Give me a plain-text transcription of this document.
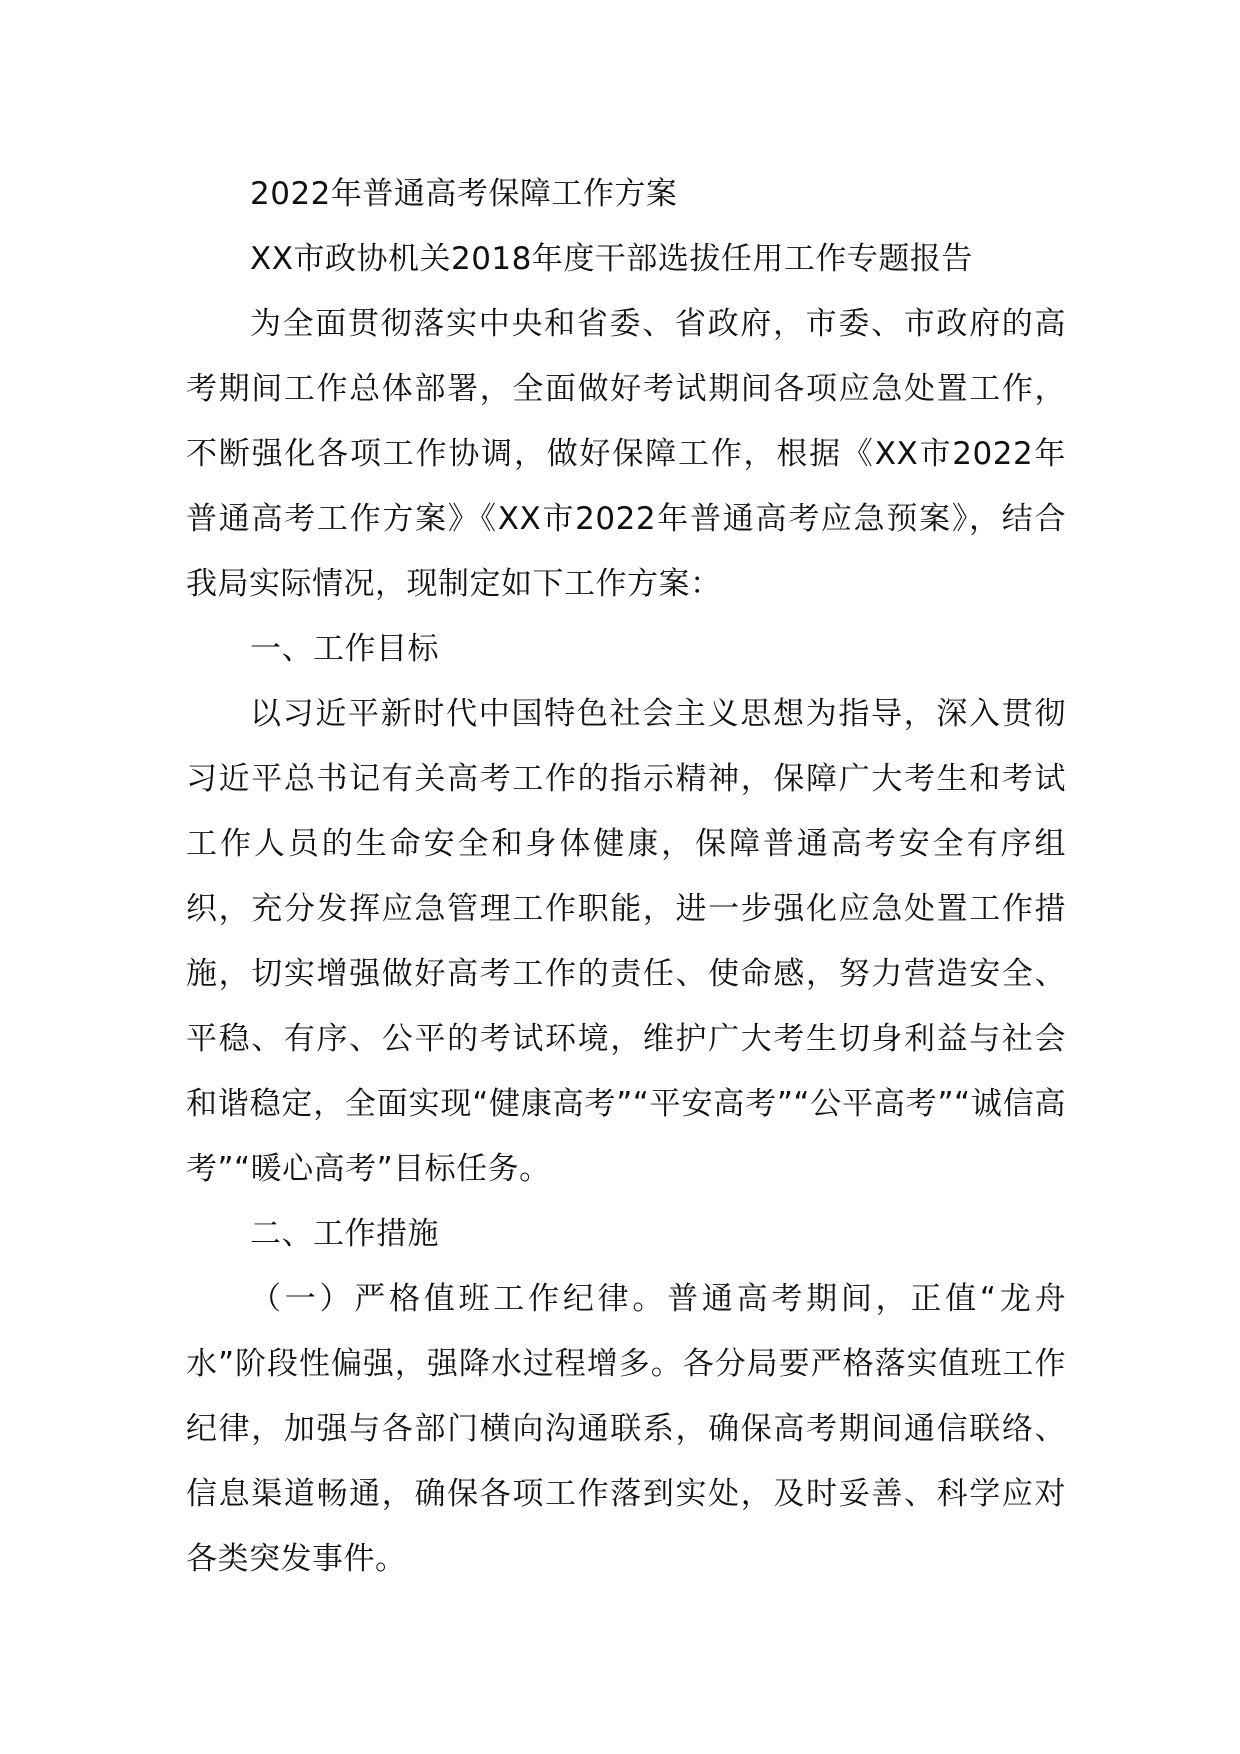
2022年普通高考保障工作方案

XX市政协机关2018年度干部选拔任用工作专题报告

为全面贯彻落实中央和省委、省政府，市委、市政府的高考期间工作总体部署，全面做好考试期间各项应急处置工作，不断强化各项工作协调，做好保障工作，根据《XX市2022年普通高考工作方案》《XX市2022年普通高考应急预案》，结合我局实际情况，现制定如下工作方案：

一、工作目标

以习近平新时代中国特色社会主义思想为指导，深入贯彻习近平总书记有关高考工作的指示精神，保障广大考生和考试工作人员的生命安全和身体健康，保障普通高考安全有序组织，充分发挥应急管理工作职能，进一步强化应急处置工作措施，切实增强做好高考工作的责任、使命感，努力营造安全、平稳、有序、公平的考试环境，维护广大考生切身利益与社会和谐稳定，全面实现“健康高考”“平安高考”“公平高考”“诚信高考”“暖心高考”目标任务。

二、工作措施

（一）严格值班工作纪律。普通高考期间，正值“龙舟水”阶段性偏强，强降水过程增多。各分局要严格落实值班工作纪律，加强与各部门横向沟通联系，确保高考期间通信联络、信息渠道畅通，确保各项工作落到实处，及时妥善、科学应对各类突发事件。
